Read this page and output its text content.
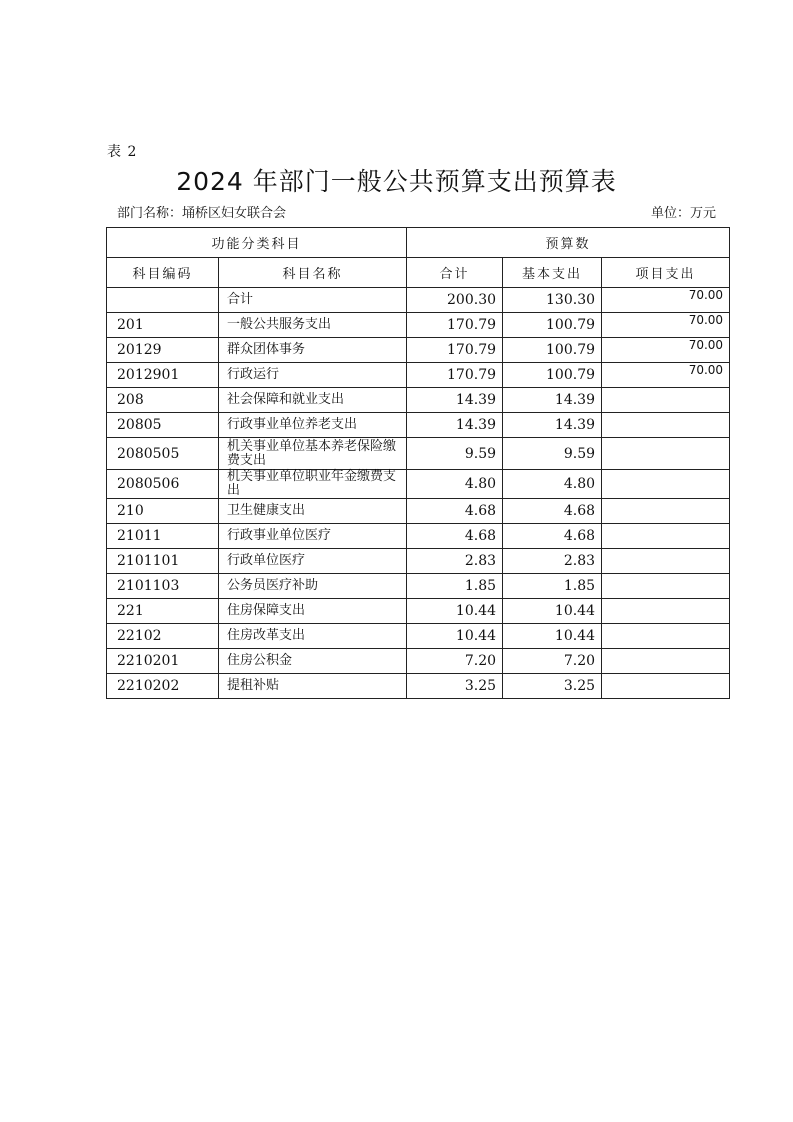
表 2
2024 年部门一般公共预算支出预算表
部门名称：埇桥区妇女联合会	单位：万元
功能分类科目		预算数		
科目编码	科目名称	合计	基本支出	项目支出
	合计	200.30	130.30	70.00
201	一般公共服务支出	170.79	100.79	70.00
20129	群众团体事务	170.79	100.79	70.00
2012901	行政运行	170.79	100.79	70.00
208	社会保障和就业支出	14.39	14.39	
20805	行政事业单位养老支出	14.39	14.39	
2080505	机关事业单位基本养老保险缴费支出	9.59	9.59	
2080506	机关事业单位职业年金缴费支出	4.80	4.80	
210	卫生健康支出	4.68	4.68	
21011	行政事业单位医疗	4.68	4.68	
2101101	行政单位医疗	2.83	2.83	
2101103	公务员医疗补助	1.85	1.85	
221	住房保障支出	10.44	10.44	
22102	住房改革支出	10.44	10.44	
2210201	住房公积金	7.20	7.20	
2210202	提租补贴	3.25	3.25	
